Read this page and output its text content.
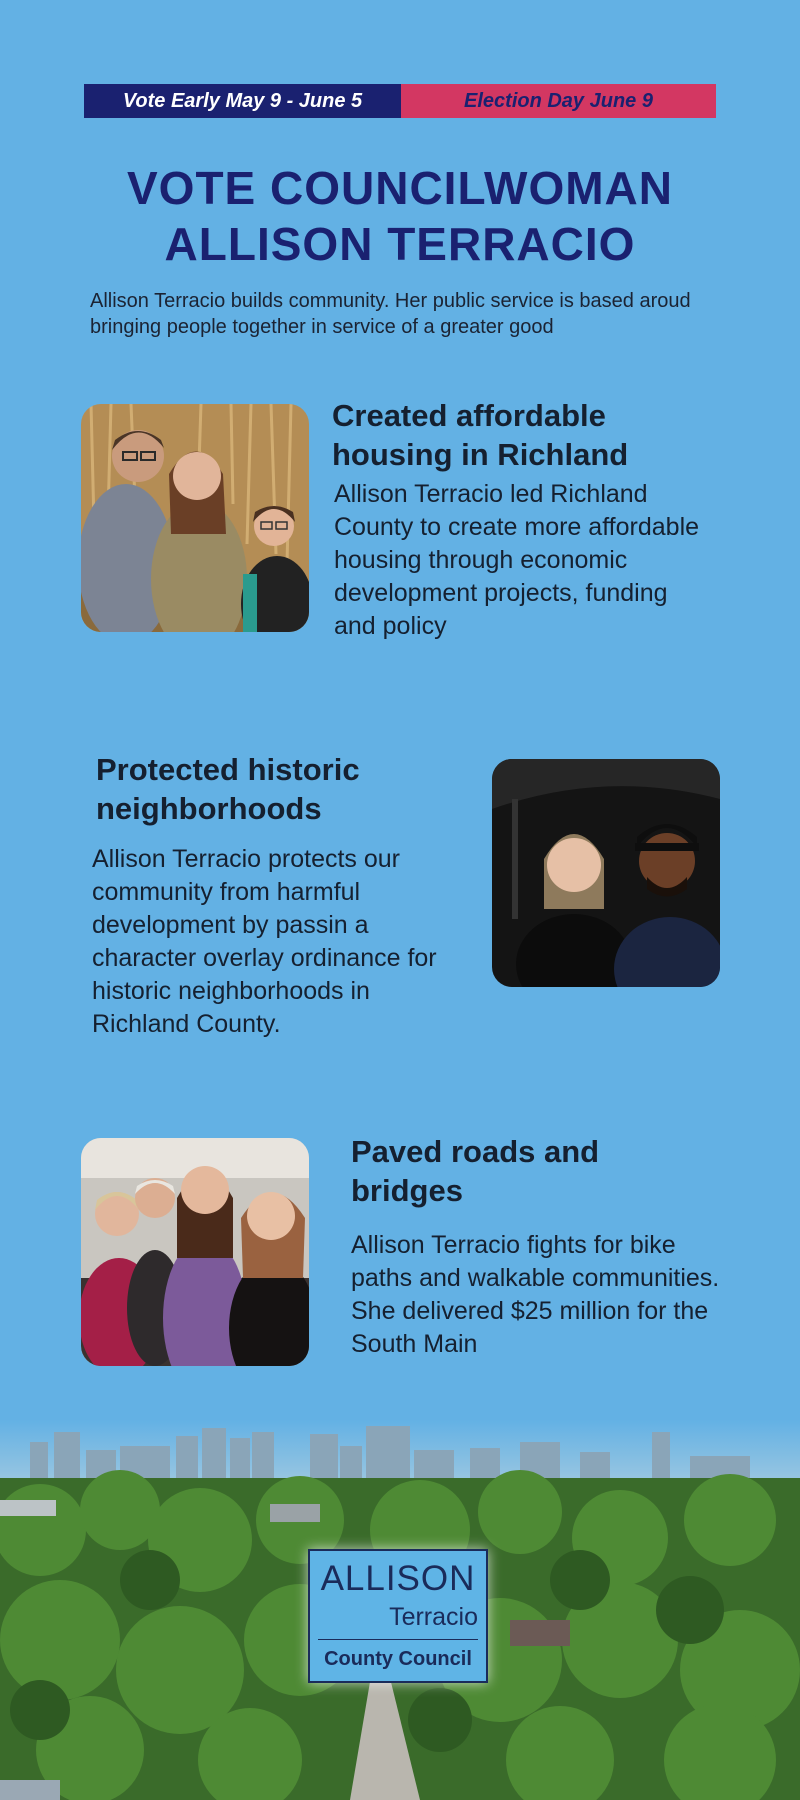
Vote Early May 9 - June 5	Election Day June 9
VOTE COUNCILWOMAN
ALLISON TERRACIO
Allison Terracio builds community. Her public service is based aroud bringing people together in service of a greater good
Created affordable housing in Richland
Allison Terracio led Richland County to create more affordable housing through economic development projects, funding and policy
Protected historic neighborhoods
Allison Terracio protects our community from harmful development by passin a character overlay ordinance for historic neighborhoods in Richland County.
Paved roads and bridges
Allison Terracio fights for bike paths and walkable communities. She delivered $25 million for the South Main
ALLISON
Terracio
County Council
